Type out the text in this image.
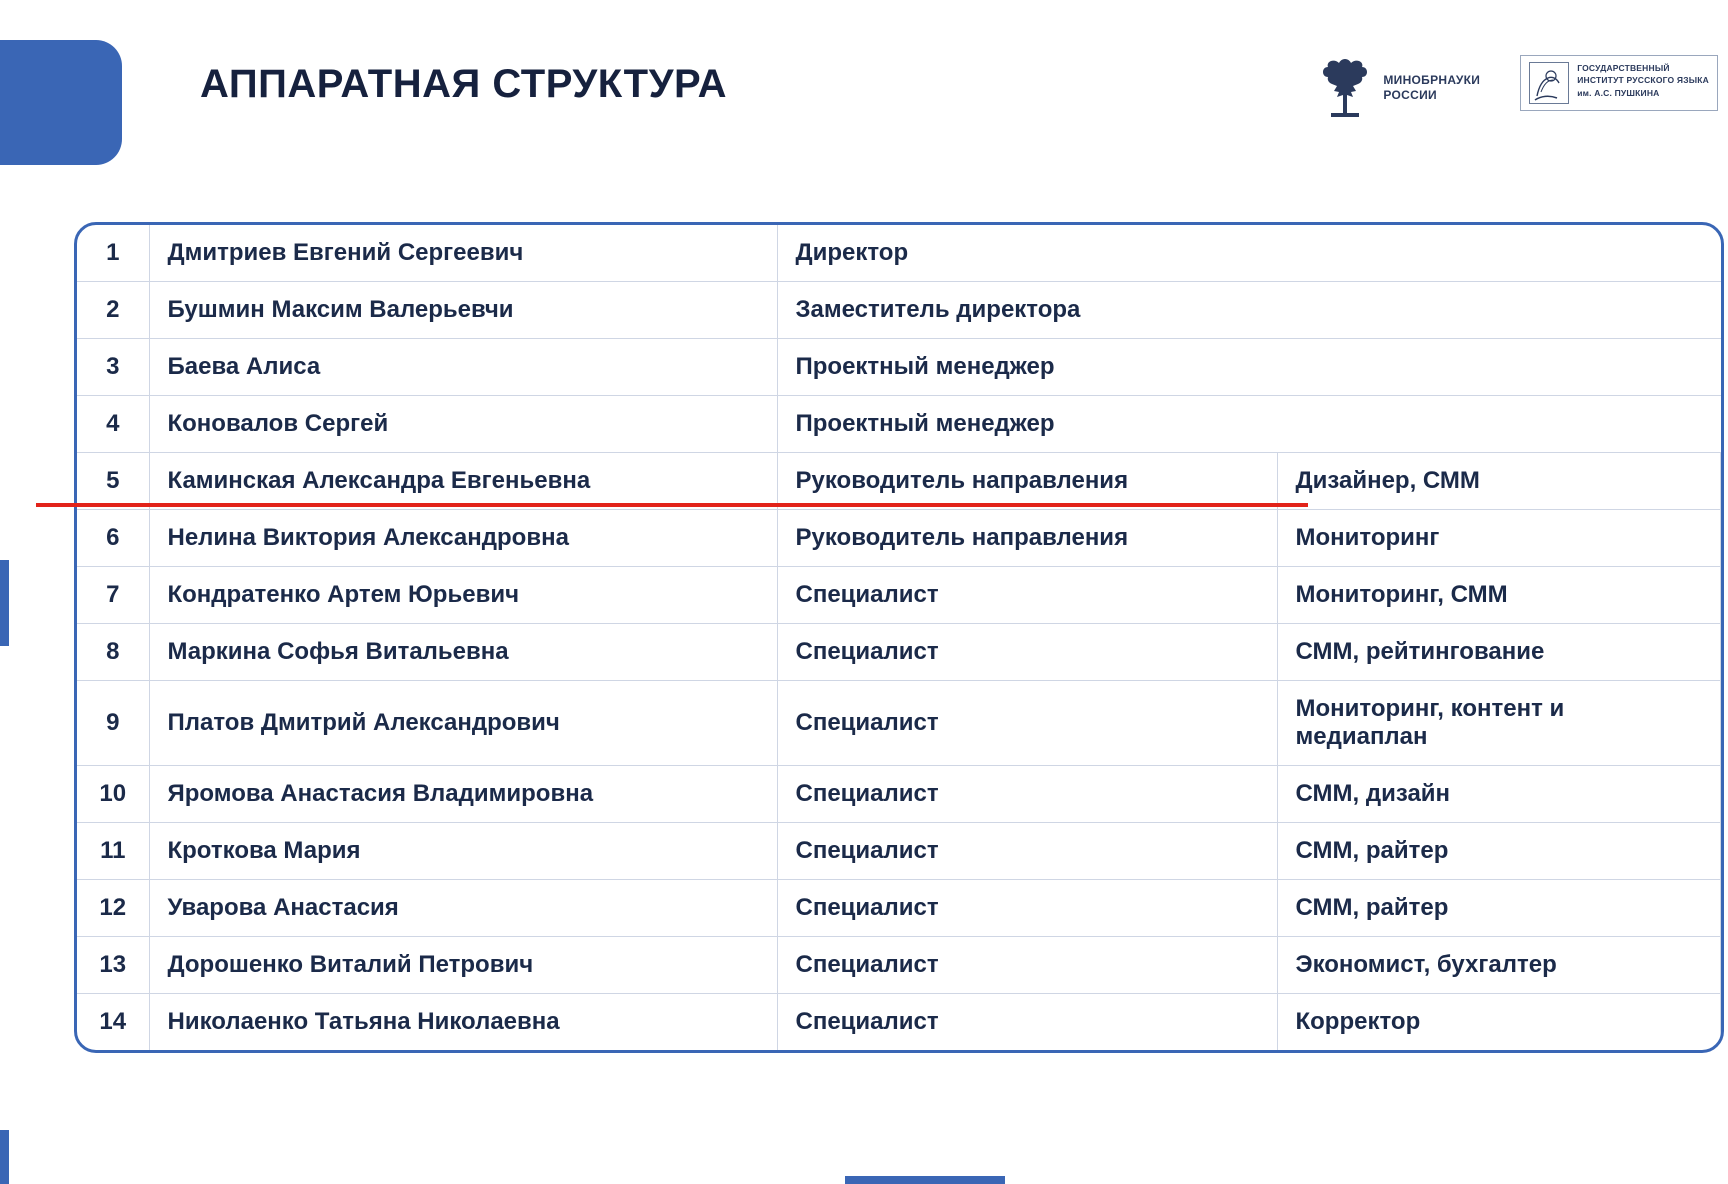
АППАРАТНАЯ СТРУКТУРА	МИНОБРНАУКИ
РОССИИ
ГОСУДАРСТВЕННЫЙ
ИНСТИТУТ РУССКОГО ЯЗЫКА
им. А.С. ПУШКИНА
1	Дмитриев Евгений Сергеевич	Директор	
2	Бушмин Максим Валерьевчи	Заместитель директора	
3	Баева Алиса	Проектный менеджер	
4	Коновалов Сергей	Проектный менеджер	
5	Каминская Александра Евгеньевна	Руководитель направления	Дизайнер, СММ
6	Нелина Виктория Александровна	Руководитель направления	Мониторинг
7	Кондратенко Артем Юрьевич	Специалист	Мониторинг, СММ
8	Маркина Софья Витальевна	Специалист	СММ, рейтингование
9	Платов Дмитрий Александрович	Специалист	Мониторинг, контент и медиаплан
10	Яромова Анастасия Владимировна	Специалист	СММ, дизайн
11	Кроткова Мария	Специалист	СММ, райтер
12	Уварова Анастасия	Специалист	СММ, райтер
13	Дорошенко Виталий Петрович	Специалист	Экономист, бухгалтер
14	Николаенко Татьяна Николаевна	Специалист	Корректор
